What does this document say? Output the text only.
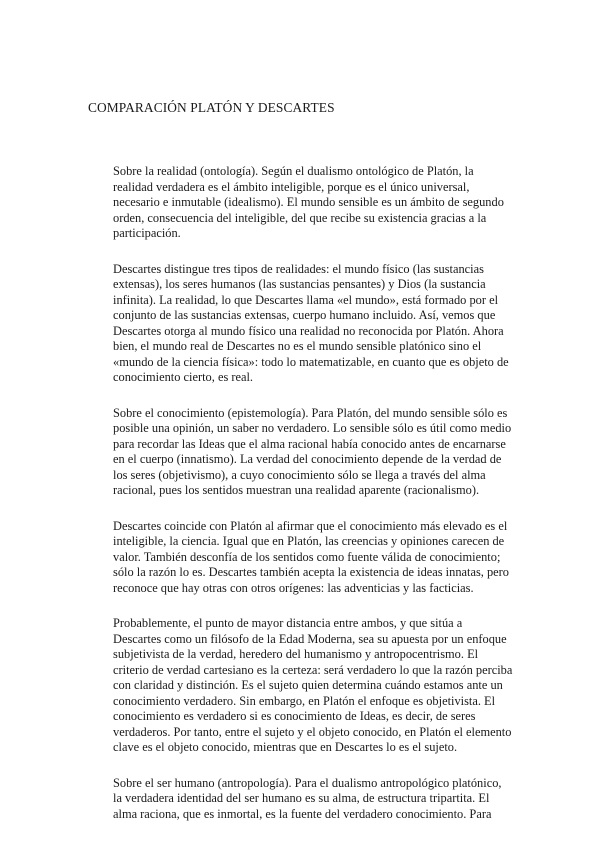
COMPARACIÓN PLATÓN Y DESCARTES

Sobre la realidad (ontología). Según el dualismo ontológico de Platón, la realidad verdadera es el ámbito inteligible, porque es el único universal, necesario e inmutable (idealismo). El mundo sensible es un ámbito de segundo orden, consecuencia del inteligible, del que recibe su existencia gracias a la participación.

Descartes distingue tres tipos de realidades: el mundo físico (las sustancias extensas), los seres humanos (las sustancias pensantes) y Dios (la sustancia infinita). La realidad, lo que Descartes llama «el mundo», está formado por el conjunto de las sustancias extensas, cuerpo humano incluido. Así, vemos que Descartes otorga al mundo físico una realidad no reconocida por Platón. Ahora bien, el mundo real de Descartes no es el mundo sensible platónico sino el «mundo de la ciencia física»: todo lo matematizable, en cuanto que es objeto de conocimiento cierto, es real.

Sobre el conocimiento (epistemología). Para Platón, del mundo sensible sólo es posible una opinión, un saber no verdadero. Lo sensible sólo es útil como medio para recordar las Ideas que el alma racional había conocido antes de encarnarse en el cuerpo (innatismo). La verdad del conocimiento depende de la verdad de los seres (objetivismo), a cuyo conocimiento sólo se llega a través del alma racional, pues los sentidos muestran una realidad aparente (racionalismo).

Descartes coincide con Platón al afirmar que el conocimiento más elevado es el inteligible, la ciencia. Igual que en Platón, las creencias y opiniones carecen de valor. También desconfía de los sentidos como fuente válida de conocimiento; sólo la razón lo es. Descartes también acepta la existencia de ideas innatas, pero reconoce que hay otras con otros orígenes: las adventicias y las facticias.

Probablemente, el punto de mayor distancia entre ambos, y que sitúa a Descartes como un filósofo de la Edad Moderna, sea su apuesta por un enfoque subjetivista de la verdad, heredero del humanismo y antropocentrismo. El criterio de verdad cartesiano es la certeza: será verdadero lo que la razón perciba con claridad y distinción. Es el sujeto quien determina cuándo estamos ante un conocimiento verdadero. Sin embargo, en Platón el enfoque es objetivista. El conocimiento es verdadero si es conocimiento de Ideas, es decir, de seres verdaderos. Por tanto, entre el sujeto y el objeto conocido, en Platón el elemento clave es el objeto conocido, mientras que en Descartes lo es el sujeto.

Sobre el ser humano (antropología). Para el dualismo antropológico platónico, la verdadera identidad del ser humano es su alma, de estructura tripartita. El alma raciona, que es inmortal, es la fuente del verdadero conocimiento. Para
